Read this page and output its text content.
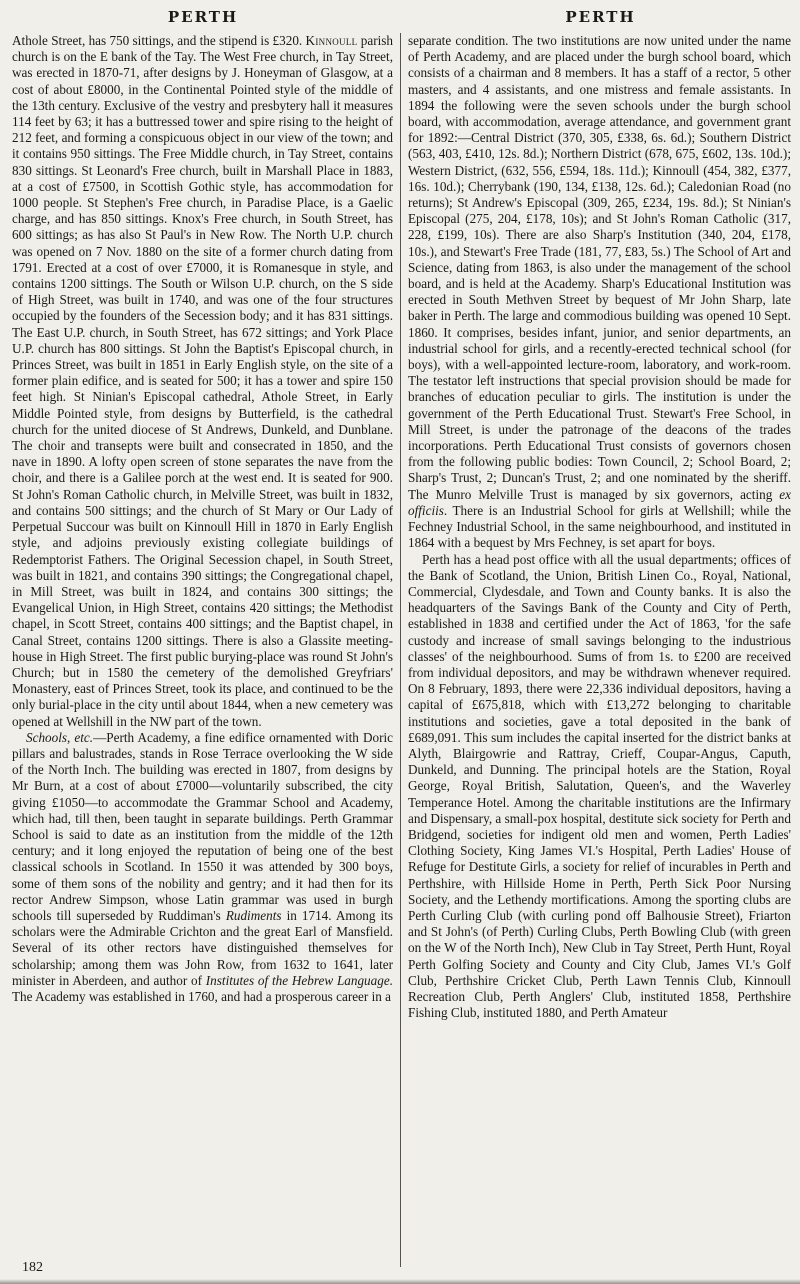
PERTH	PERTH

Athole Street, has 750 sittings, and the stipend is £320. Kinnoull parish church is on the E bank of the Tay. The West Free church, in Tay Street, was erected in 1870-71, after designs by J. Honeyman of Glasgow, at a cost of about £8000, in the Continental Pointed style of the middle of the 13th century. Exclusive of the vestry and presbytery hall it measures 114 feet by 63; it has a buttressed tower and spire rising to the height of 212 feet, and forming a conspicuous object in our view of the town; and it contains 950 sittings. The Free Middle church, in Tay Street, contains 830 sittings. St Leonard's Free church, built in Marshall Place in 1883, at a cost of £7500, in Scottish Gothic style, has accommodation for 1000 people. St Stephen's Free church, in Paradise Place, is a Gaelic charge, and has 850 sittings. Knox's Free church, in South Street, has 600 sittings; as has also St Paul's in New Row. The North U.P. church was opened on 7 Nov. 1880 on the site of a former church dating from 1791. Erected at a cost of over £7000, it is Romanesque in style, and contains 1200 sittings. The South or Wilson U.P. church, on the S side of High Street, was built in 1740, and was one of the four structures occupied by the founders of the Secession body; and it has 831 sittings. The East U.P. church, in South Street, has 672 sittings; and York Place U.P. church has 800 sittings. St John the Baptist's Episcopal church, in Princes Street, was built in 1851 in Early English style, on the site of a former plain edifice, and is seated for 500; it has a tower and spire 150 feet high. St Ninian's Episcopal cathedral, Athole Street, in Early Middle Pointed style, from designs by Butterfield, is the cathedral church for the united diocese of St Andrews, Dunkeld, and Dunblane. The choir and transepts were built and consecrated in 1850, and the nave in 1890. A lofty open screen of stone separates the nave from the choir, and there is a Galilee porch at the west end. It is seated for 900. St John's Roman Catholic church, in Melville Street, was built in 1832, and contains 500 sittings; and the church of St Mary or Our Lady of Perpetual Succour was built on Kinnoull Hill in 1870 in Early English style, and adjoins previously existing collegiate buildings of Redemptorist Fathers. The Original Secession chapel, in South Street, was built in 1821, and contains 390 sittings; the Congregational chapel, in Mill Street, was built in 1824, and contains 300 sittings; the Evangelical Union, in High Street, contains 420 sittings; the Methodist chapel, in Scott Street, contains 400 sittings; and the Baptist chapel, in Canal Street, contains 1200 sittings. There is also a Glassite meeting-house in High Street. The first public burying-place was round St John's Church; but in 1580 the cemetery of the demolished Greyfriars' Monastery, east of Princes Street, took its place, and continued to be the only burial-place in the city until about 1844, when a new cemetery was opened at Wellshill in the NW part of the town.

Schools, etc.—Perth Academy, a fine edifice ornamented with Doric pillars and balustrades, stands in Rose Terrace overlooking the W side of the North Inch. The building was erected in 1807, from designs by Mr Burn, at a cost of about £7000—voluntarily subscribed, the city giving £1050—to accommodate the Grammar School and Academy, which had, till then, been taught in separate buildings. Perth Grammar School is said to date as an institution from the middle of the 12th century; and it long enjoyed the reputation of being one of the best classical schools in Scotland. In 1550 it was attended by 300 boys, some of them sons of the nobility and gentry; and it had then for its rector Andrew Simpson, whose Latin grammar was used in burgh schools till superseded by Ruddiman's Rudiments in 1714. Among its scholars were the Admirable Crichton and the great Earl of Mansfield. Several of its other rectors have distinguished themselves for scholarship; among them was John Row, from 1632 to 1641, later minister in Aberdeen, and author of Institutes of the Hebrew Language. The Academy was established in 1760, and had a prosperous career in a

separate condition. The two institutions are now united under the name of Perth Academy, and are placed under the burgh school board, which consists of a chairman and 8 members. It has a staff of a rector, 5 other masters, and 4 assistants, and one mistress and female assistants. In 1894 the following were the seven schools under the burgh school board, with accommodation, average attendance, and government grant for 1892:—Central District (370, 305, £338, 6s. 6d.); Southern District (563, 403, £410, 12s. 8d.); Northern District (678, 675, £602, 13s. 10d.); Western District, (632, 556, £594, 18s. 11d.); Kinnoull (454, 382, £377, 16s. 10d.); Cherrybank (190, 134, £138, 12s. 6d.); Caledonian Road (no returns); St Andrew's Episcopal (309, 265, £234, 19s. 8d.); St Ninian's Episcopal (275, 204, £178, 10s); and St John's Roman Catholic (317, 228, £199, 10s). There are also Sharp's Institution (340, 204, £178, 10s.), and Stewart's Free Trade (181, 77, £83, 5s.) The School of Art and Science, dating from 1863, is also under the management of the school board, and is held at the Academy. Sharp's Educational Institution was erected in South Methven Street by bequest of Mr John Sharp, late baker in Perth. The large and commodious building was opened 10 Sept. 1860. It comprises, besides infant, junior, and senior departments, an industrial school for girls, and a recently-erected technical school (for boys), with a well-appointed lecture-room, laboratory, and work-room. The testator left instructions that special provision should be made for branches of education peculiar to girls. The institution is under the government of the Perth Educational Trust. Stewart's Free School, in Mill Street, is under the patronage of the deacons of the trades incorporations. Perth Educational Trust consists of governors chosen from the following public bodies: Town Council, 2; School Board, 2; Sharp's Trust, 2; Duncan's Trust, 2; and one nominated by the sheriff. The Munro Melville Trust is managed by six governors, acting ex officiis. There is an Industrial School for girls at Wellshill; while the Fechney Industrial School, in the same neighbourhood, and instituted in 1864 with a bequest by Mrs Fechney, is set apart for boys.

Perth has a head post office with all the usual departments; offices of the Bank of Scotland, the Union, British Linen Co., Royal, National, Commercial, Clydesdale, and Town and County banks. It is also the headquarters of the Savings Bank of the County and City of Perth, established in 1838 and certified under the Act of 1863, 'for the safe custody and increase of small savings belonging to the industrious classes' of the neighbourhood. Sums of from 1s. to £200 are received from individual depositors, and may be withdrawn whenever required. On 8 February, 1893, there were 22,336 individual depositors, having a capital of £675,818, which with £13,272 belonging to charitable institutions and societies, gave a total deposited in the bank of £689,091. This sum includes the capital inserted for the district banks at Alyth, Blairgowrie and Rattray, Crieff, Coupar-Angus, Caputh, Dunkeld, and Dunning. The principal hotels are the Station, Royal George, Royal British, Salutation, Queen's, and the Waverley Temperance Hotel. Among the charitable institutions are the Infirmary and Dispensary, a small-pox hospital, destitute sick society for Perth and Bridgend, societies for indigent old men and women, Perth Ladies' Clothing Society, King James VI.'s Hospital, Perth Ladies' House of Refuge for Destitute Girls, a society for relief of incurables in Perth and Perthshire, with Hillside Home in Perth, Perth Sick Poor Nursing Society, and the Lethendy mortifications. Among the sporting clubs are Perth Curling Club (with curling pond off Balhousie Street), Friarton and St John's (of Perth) Curling Clubs, Perth Bowling Club (with green on the W of the North Inch), New Club in Tay Street, Perth Hunt, Royal Perth Golfing Society and County and City Club, James VI.'s Golf Club, Perthshire Cricket Club, Perth Lawn Tennis Club, Kinnoull Recreation Club, Perth Anglers' Club, instituted 1858, Perthshire Fishing Club, instituted 1880, and Perth Amateur

182
